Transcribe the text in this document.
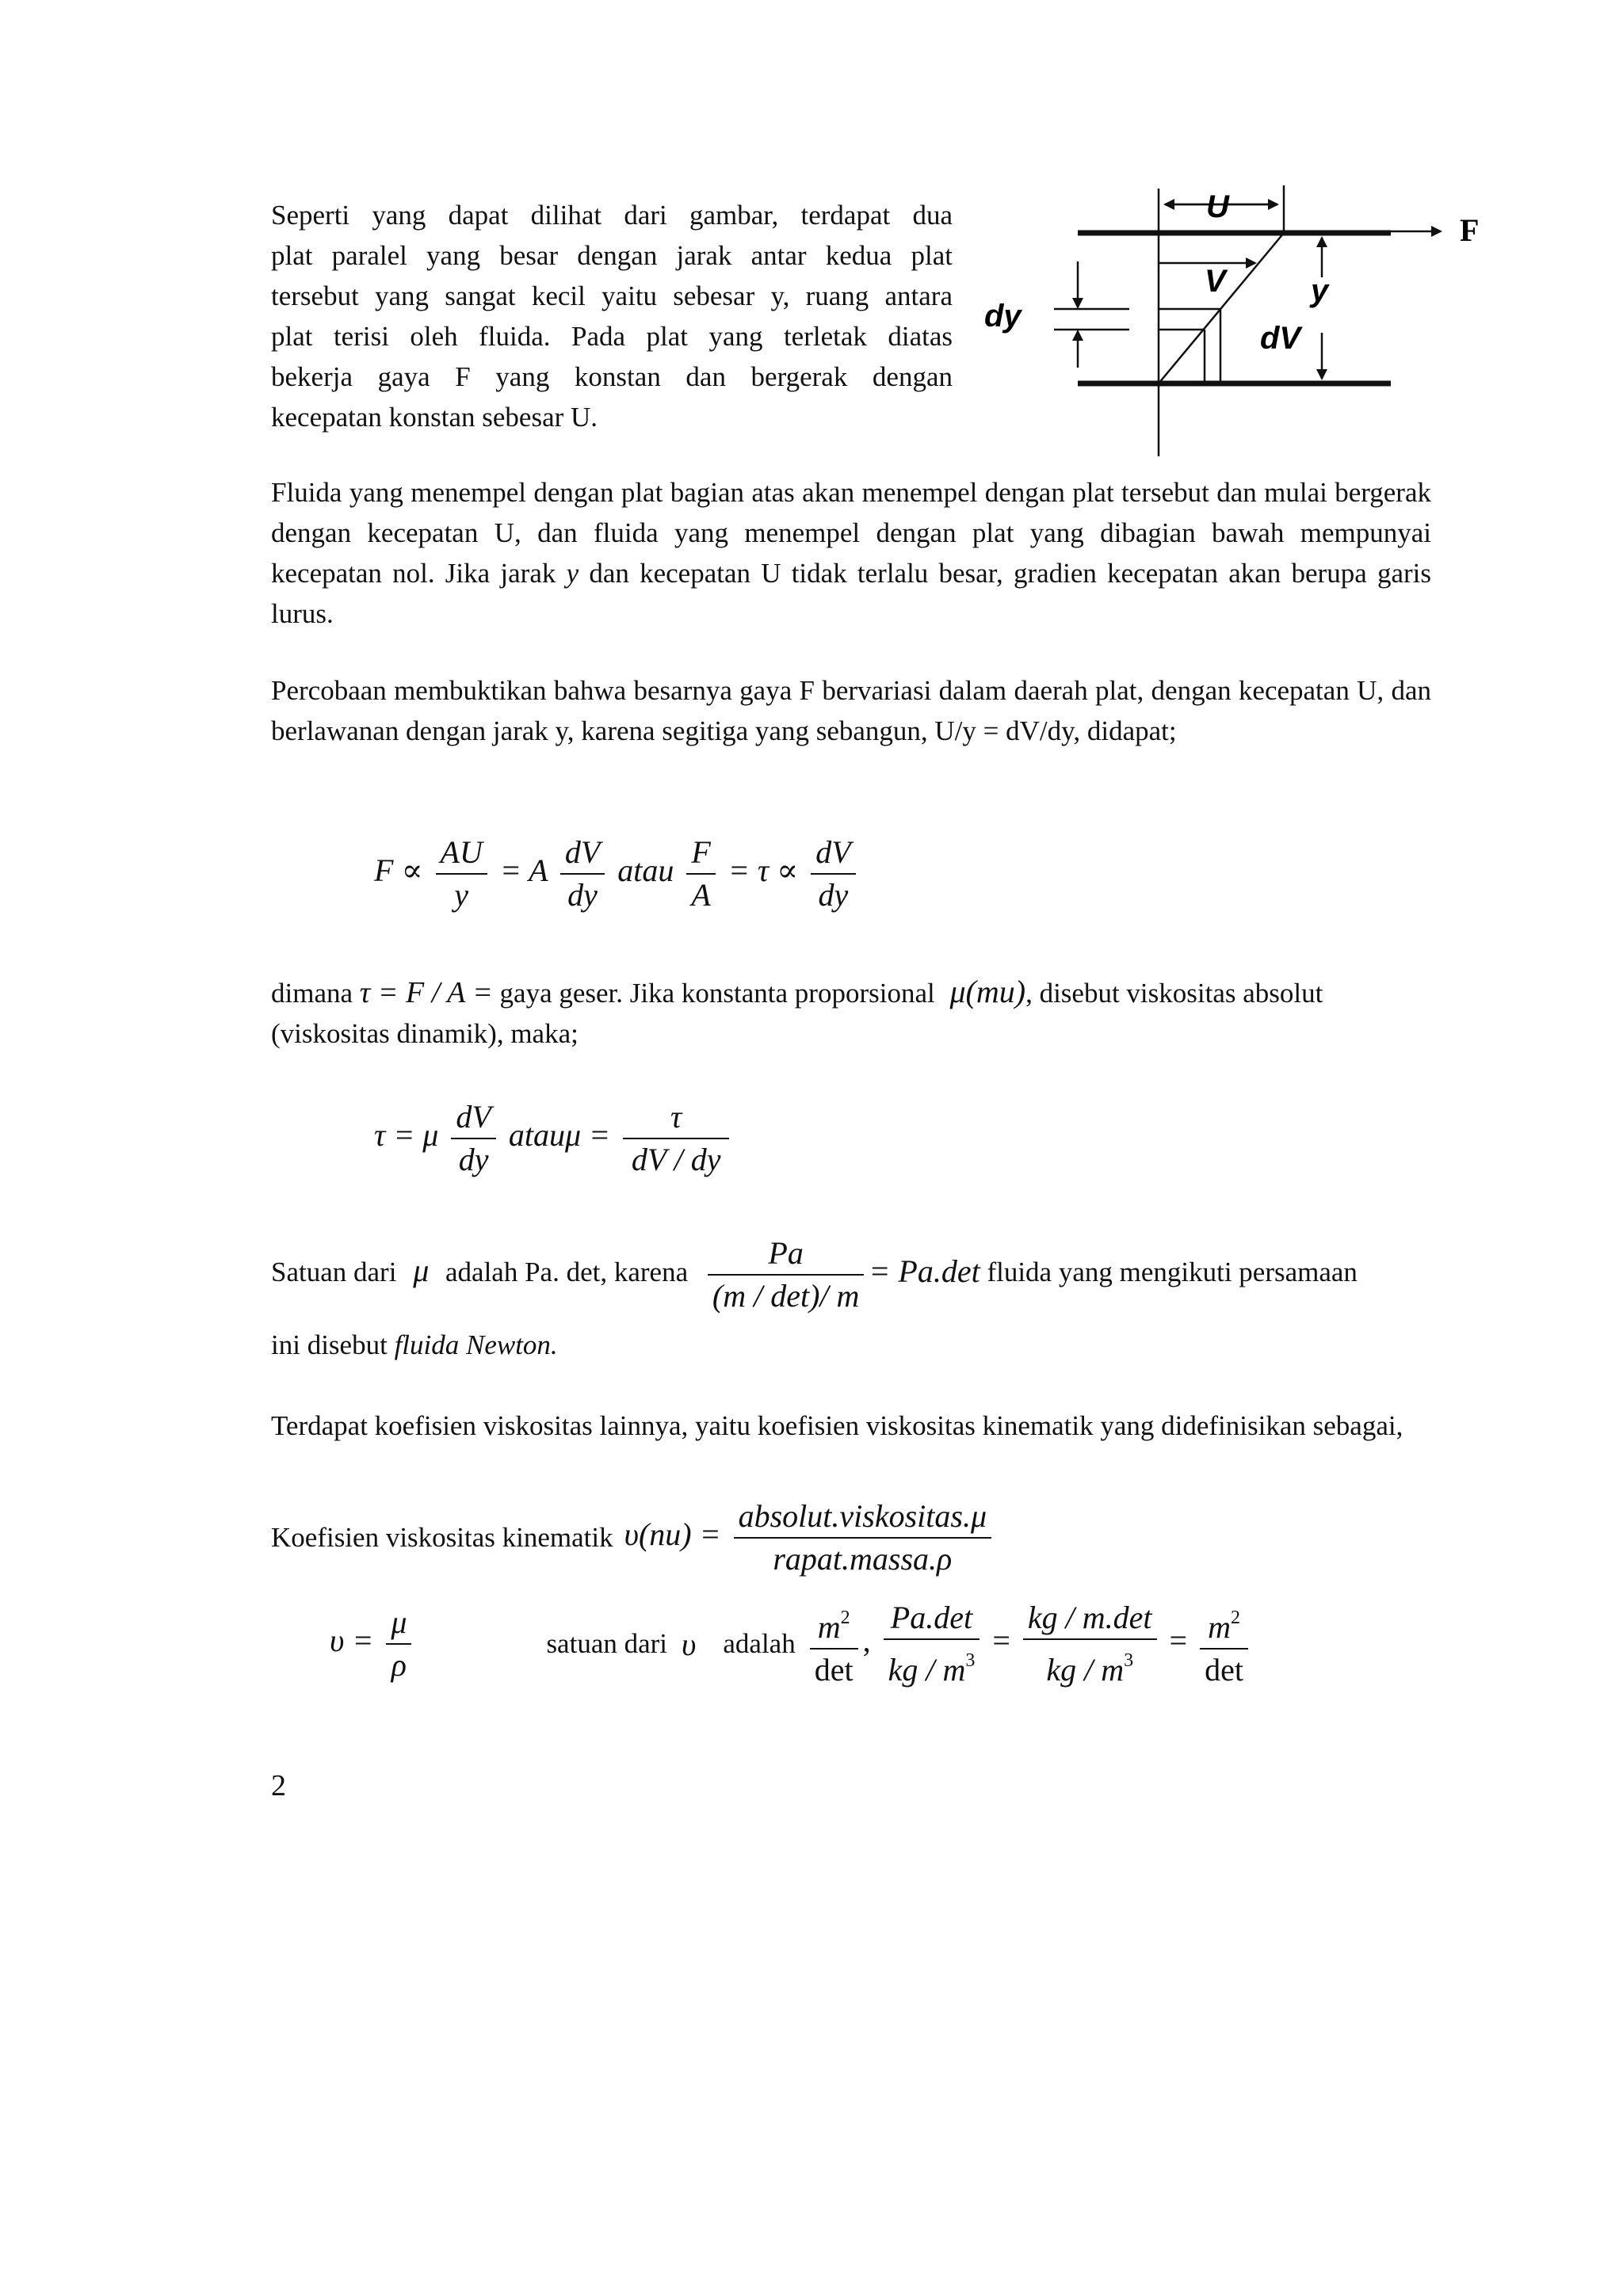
Seperti yang dapat dilihat dari gambar, terdapat dua
plat paralel yang besar dengan jarak antar kedua plat
tersebut yang sangat kecil yaitu sebesar y, ruang antara
plat terisi oleh fluida. Pada plat yang terletak diatas
bekerja gaya F yang konstan dan bergerak dengan
kecepatan konstan sebesar U.
U
F
V	y
dy
dV

Fluida yang menempel dengan plat bagian atas akan menempel dengan plat tersebut dan mulai bergerak dengan kecepatan U, dan fluida yang menempel dengan plat yang dibagian bawah mempunyai kecepatan nol. Jika jarak y dan kecepatan U tidak terlalu besar, gradien kecepatan akan berupa garis lurus.

Percobaan membuktikan bahwa besarnya gaya F bervariasi dalam daerah plat, dengan kecepatan U, dan berlawanan dengan jarak y, karena segitiga yang sebangun, U/y = dV/dy, didapat;

$F \propto \frac{AU}{y} = A \frac{dV}{dy}$ atau $\frac{F}{A} = \tau \propto \frac{dV}{dy}$
dimana τ = F / A = gaya geser. Jika konstanta proporsional μ(mu), disebut viskositas absolut
(viskositas dinamik), maka;
τ = μ $\frac{dV}{dy}$ atauμ = $\frac{\tau}{dV / dy}$
Satuan dari μ adalah Pa. det, karena $\frac{Pa}{(m / \det)/ m} = Pa.\det$ fluida yang mengikuti persamaan
ini disebut fluida Newton.

Terdapat koefisien viskositas lainnya, yaitu koefisien viskositas kinematik yang didefinisikan sebagai,

Koefisien viskositas kinematik $\upsilon(nu) = \frac{\text{absolut.viskositas.μ}}{\text{rapat.massa.ρ}}$
$\upsilon = \frac{\mu}{\rho}$	satuan dari υ adalah $\frac{m^2}{\det}$ , $\frac{Pa.\det}{kg / m^3} = \frac{kg / m.\det}{kg / m^3} = \frac{m^2}{\det}$
2
